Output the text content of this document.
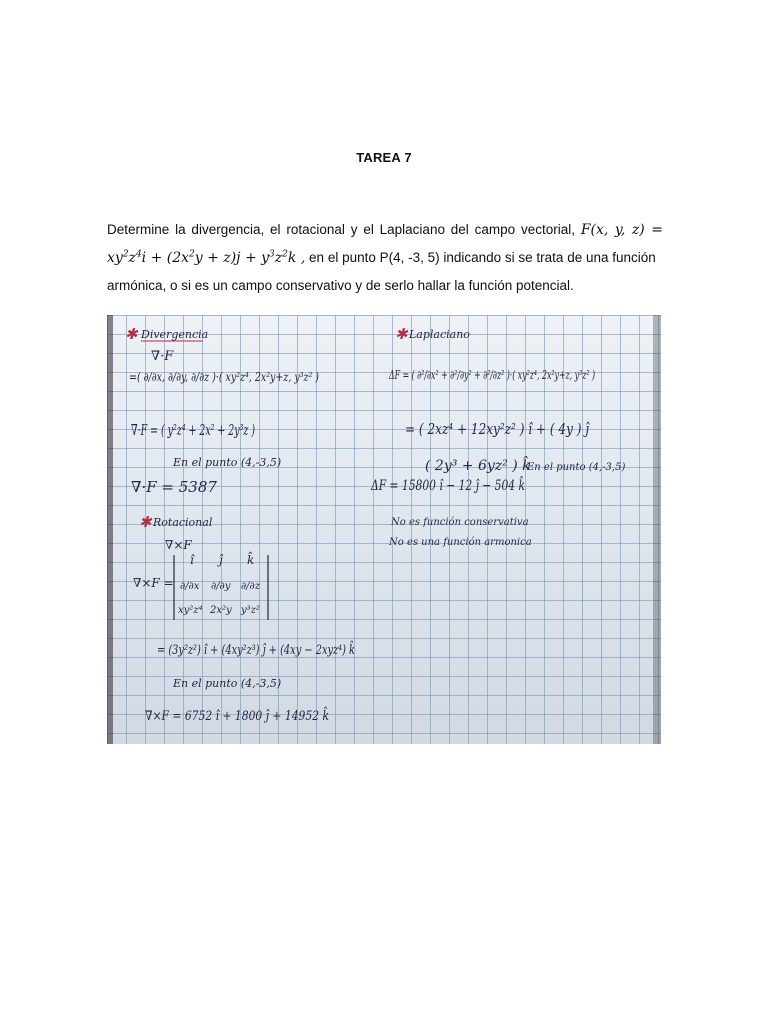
TAREA 7
Determine la divergencia, el rotacional y el Laplaciano del campo vectorial, F(x, y, z) =
$xy^2z^4i + (2x^2y + z)j + y^3z^2k$ , en el punto P(4, -3, 5) indicando si se trata de una función
armónica, o si es un campo conservativo y de serlo hallar la función potencial.
✱ Divergencia
∇·F
=( ∂/∂x, ∂/∂y, ∂/∂z )·( xy²z⁴, 2x²y+z, y³z² )
∇·F = ( y²z⁴ + 2x² + 2y³z )
En el punto (4,-3,5)
∇·F = 5387
✱ Laplaciano
ΔF = ( ∂²/∂x² + ∂²/∂y² + ∂²/∂z² )·( xy²z⁴, 2x²y+z, y³z² )
= ( 2xz⁴ + 12xy²z² ) î + ( 4y ) ĵ
( 2y³ + 6yz² ) k̂
En el punto (4,-3,5)
ΔF = 15800 î − 12 ĵ − 504 k̂
No es función conservativa
No es una función armonica
✱ Rotacional
∇×F
∇×F =
î ĵ k̂
∂/∂x ∂/∂y ∂/∂z
xy²z⁴ 2x²y y³z²
= (3y²z²) î + (4xy²z³) ĵ + (4xy − 2xyz⁴) k̂
En el punto (4,-3,5)
∇×F = 6752 î + 1800 ĵ + 14952 k̂
